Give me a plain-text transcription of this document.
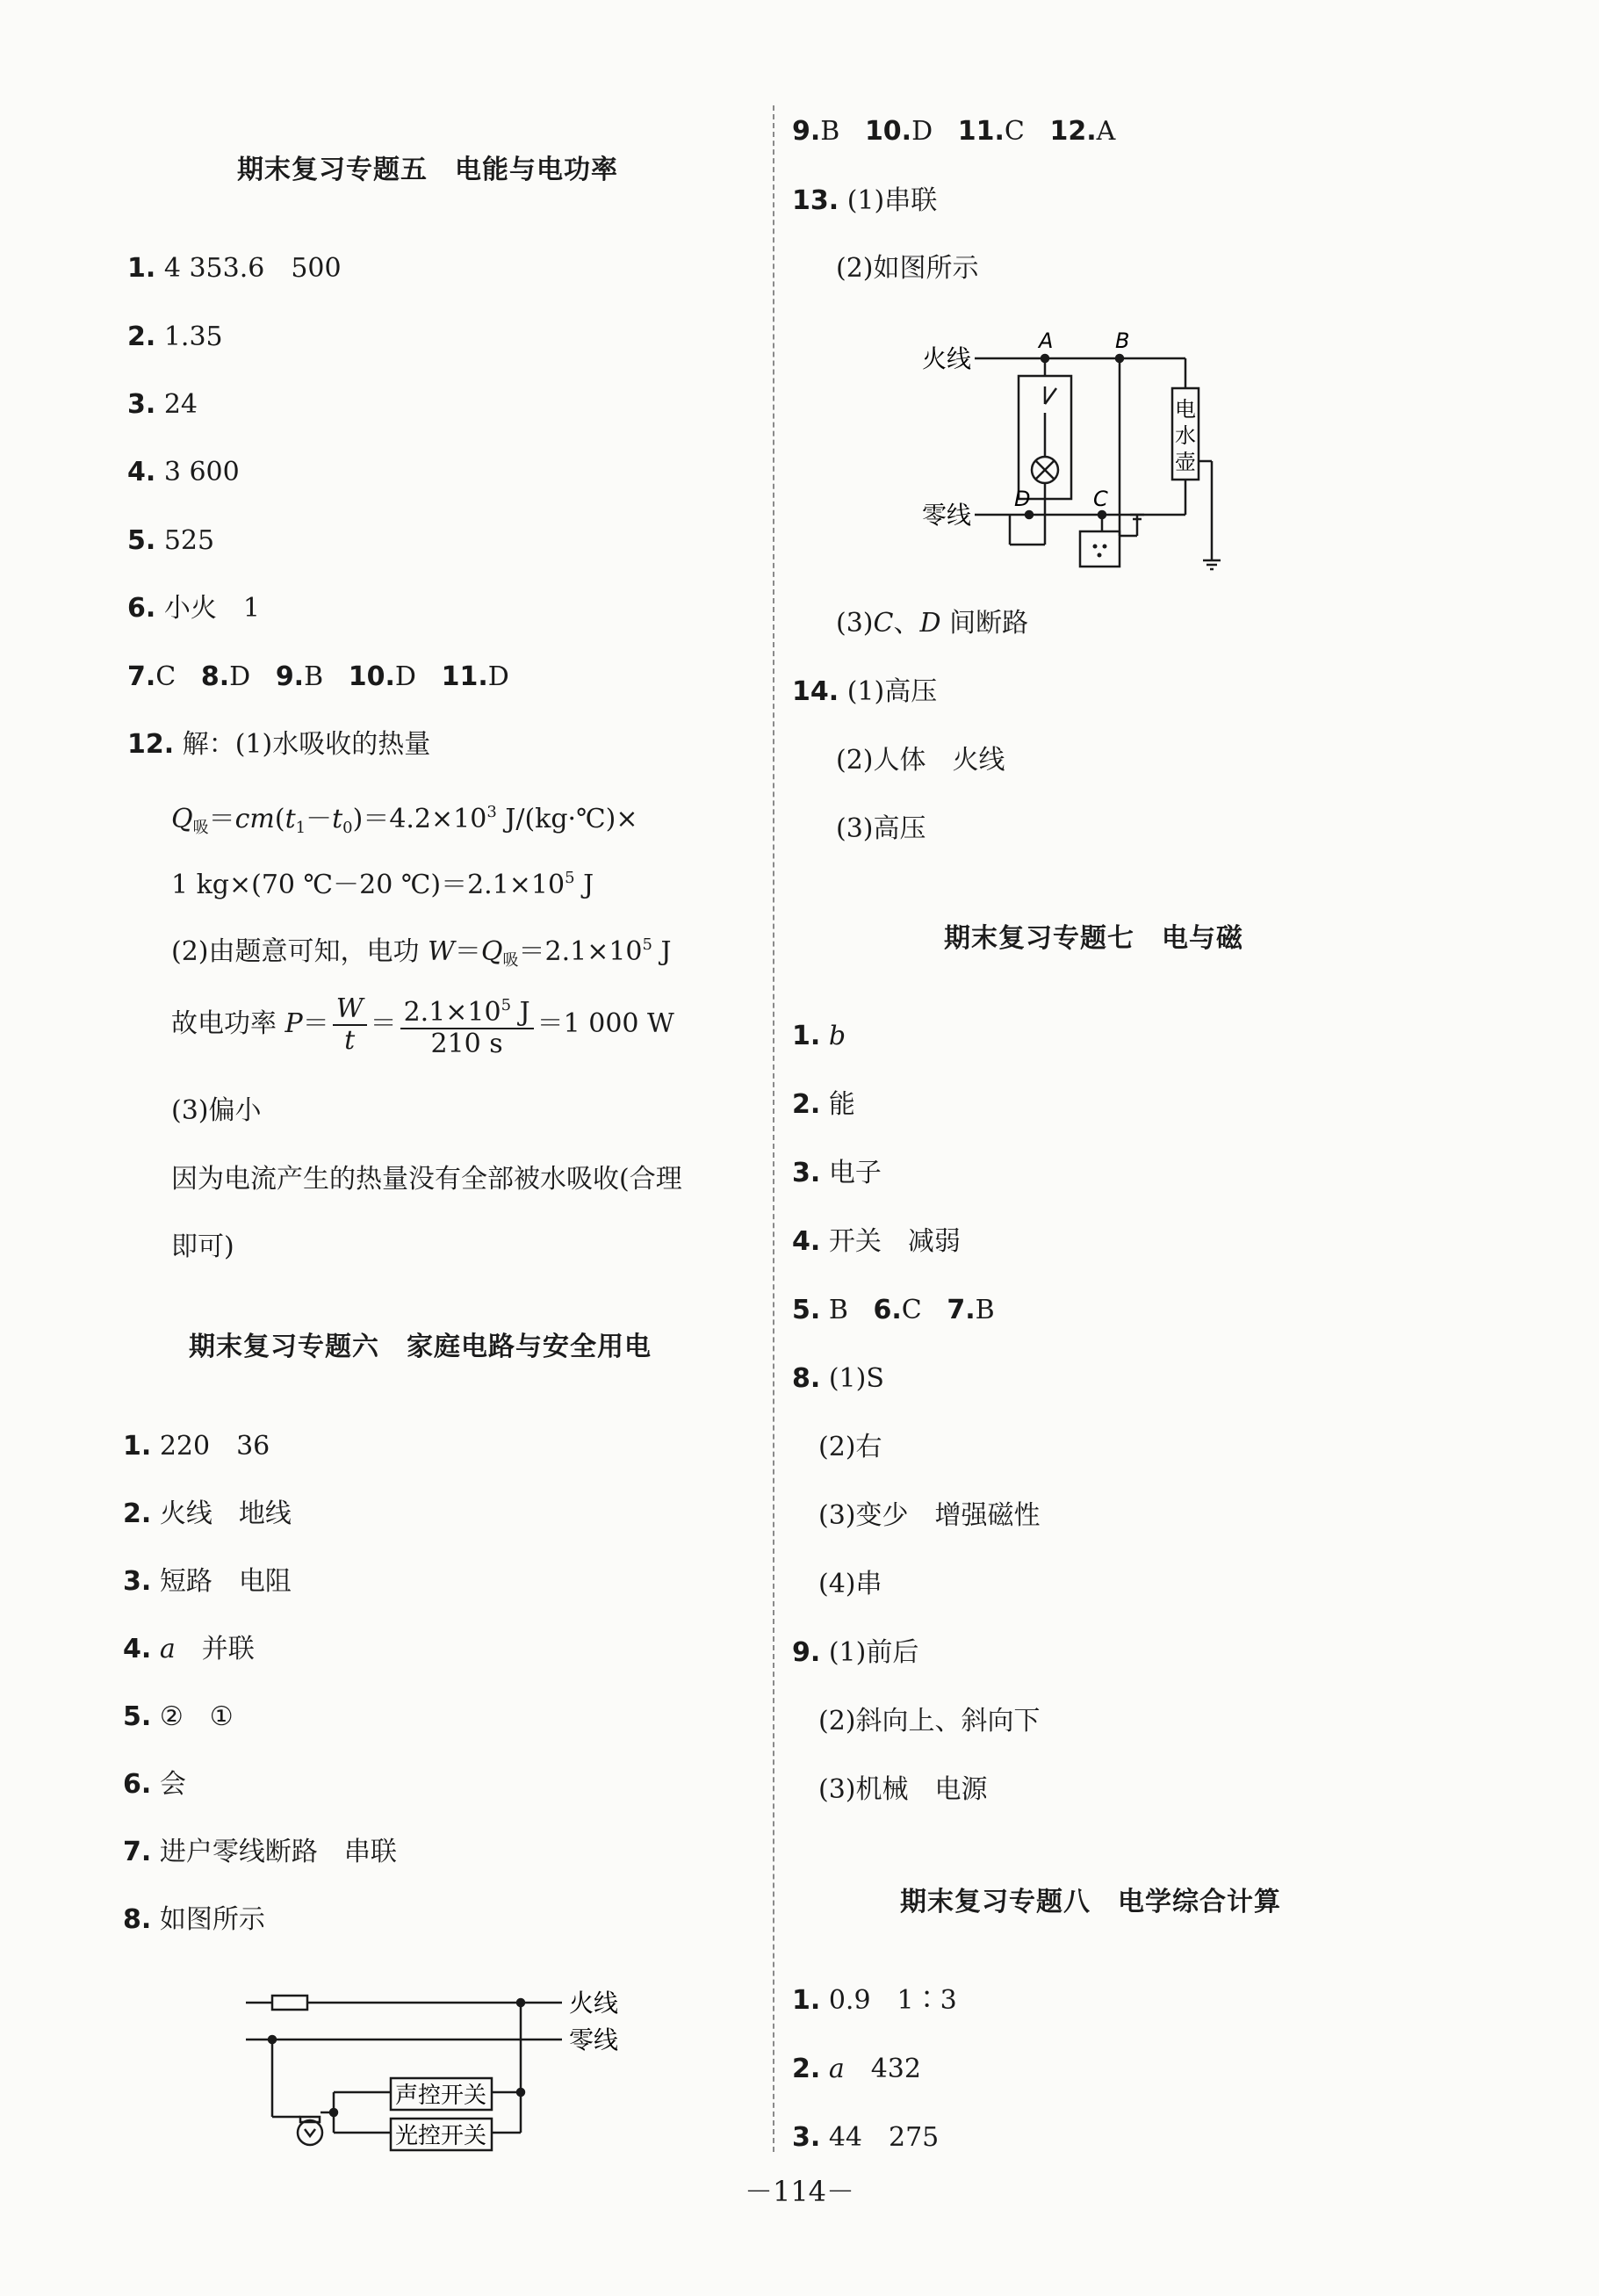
期末复习专题五　电能与电功率
1. 4 353.6　500
2. 1.35
3. 24
4. 3 600
5. 525
6. 小火　1
7.C 8.D 9.B 10.D 11.D
12. 解：(1)水吸收的热量
$Q_吸=cm(t_1-t_0)=4.2\times 10^3$ J/(kg·℃)×
1 kg×(70 ℃－20 $℃)=2.1\times 10^5$ J
(2)由题意可知，电功 $W=Q_吸=2.1\times 10^5$ J
故电功率 $P= \frac{W}{t} = \frac{2.1\times 10^5 J}{210 s} =1$ 000 W
(3)偏小
因为电流产生的热量没有全部被水吸收(合理
即可)
期末复习专题六　家庭电路与安全用电
1. 220　36
2. 火线　地线
3. 短路　电阻
4. a　并联
5. ②　①
6. 会
7. 进户零线断路　串联
8. 如图所示
火线
零线
声控开关
光控开关
9.B 10.D 11.C 12.A
13. (1)串联
(2)如图所示
火线
零线
A	B
D	C
电
水
壶
(3)C、D 间断路
14. (1)高压
(2)人体　火线
(3)高压
期末复习专题七　电与磁
1. b
2. 能
3. 电子
4. 开关　减弱
5. B 6.C 7.B
8. (1)S
(2)右
(3)变少　增强磁性
(4)串
9. (1)前后
(2)斜向上、斜向下
(3)机械　电源
期末复习专题八　电学综合计算
1. 0.9　1∶3
2. a　432
3. 44　275
－114－
